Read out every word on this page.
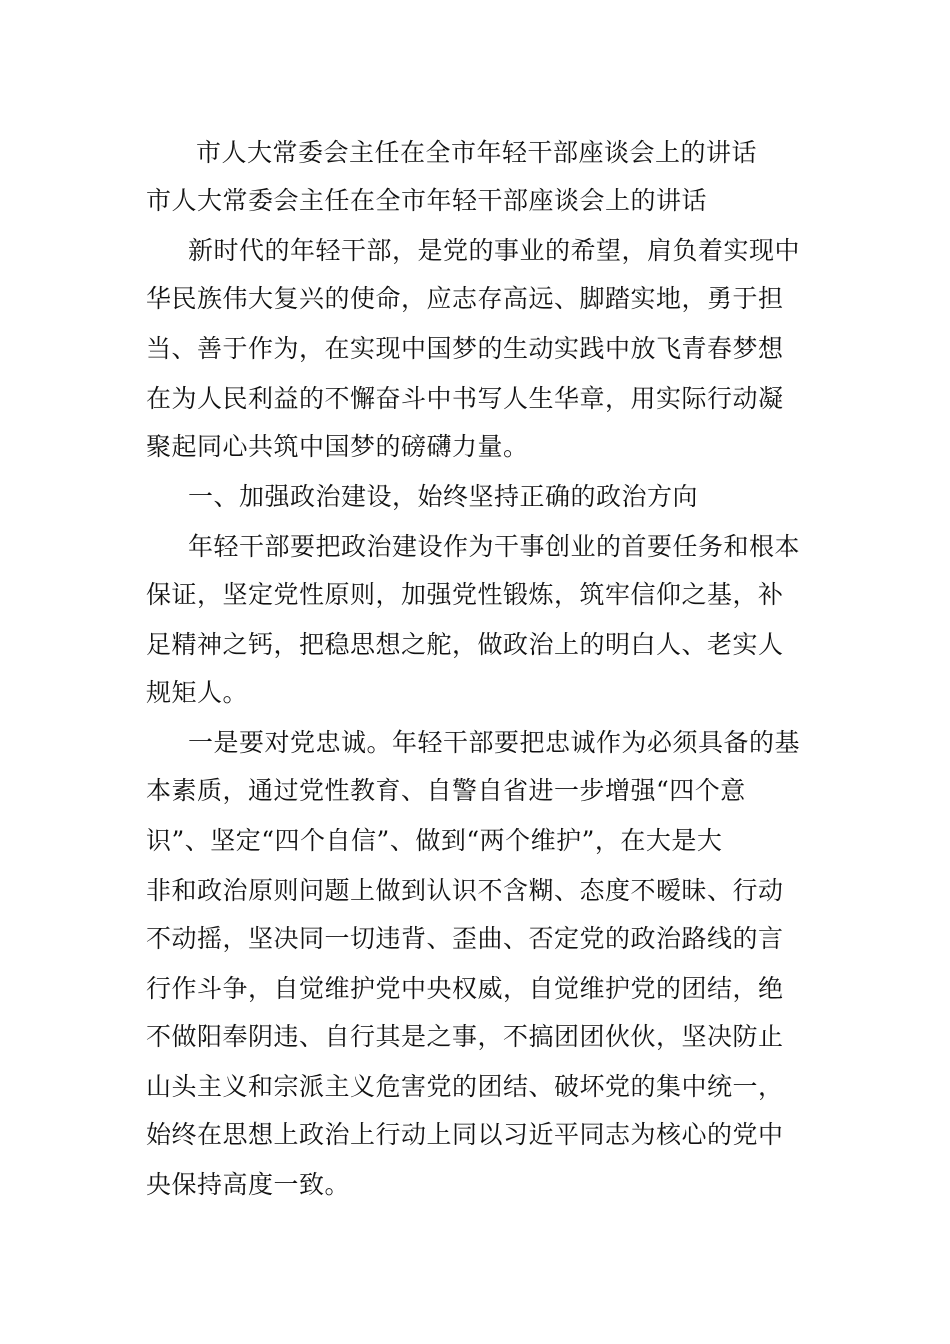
市人大常委会主任在全市年轻干部座谈会上的讲话
市人大常委会主任在全市年轻干部座谈会上的讲话
新时代的年轻干部，是党的事业的希望，肩负着实现中
华民族伟大复兴的使命，应志存高远、脚踏实地，勇于担
当、善于作为，在实现中国梦的生动实践中放飞青春梦想
在为人民利益的不懈奋斗中书写人生华章，用实际行动凝
聚起同心共筑中国梦的磅礴力量。
一、加强政治建设，始终坚持正确的政治方向
年轻干部要把政治建设作为干事创业的首要任务和根本
保证，坚定党性原则，加强党性锻炼，筑牢信仰之基，补
足精神之钙，把稳思想之舵，做政治上的明白人、老实人
规矩人。
一是要对党忠诚。年轻干部要把忠诚作为必须具备的基
本素质，通过党性教育、自警自省进一步增强“四个意
识”、坚定“四个自信”、做到“两个维护”，在大是大
非和政治原则问题上做到认识不含糊、态度不暧昧、行动
不动摇，坚决同一切违背、歪曲、否定党的政治路线的言
行作斗争，自觉维护党中央权威，自觉维护党的团结，绝
不做阳奉阴违、自行其是之事，不搞团团伙伙，坚决防止
山头主义和宗派主义危害党的团结、破坏党的集中统一，
始终在思想上政治上行动上同以习近平同志为核心的党中
央保持高度一致。
